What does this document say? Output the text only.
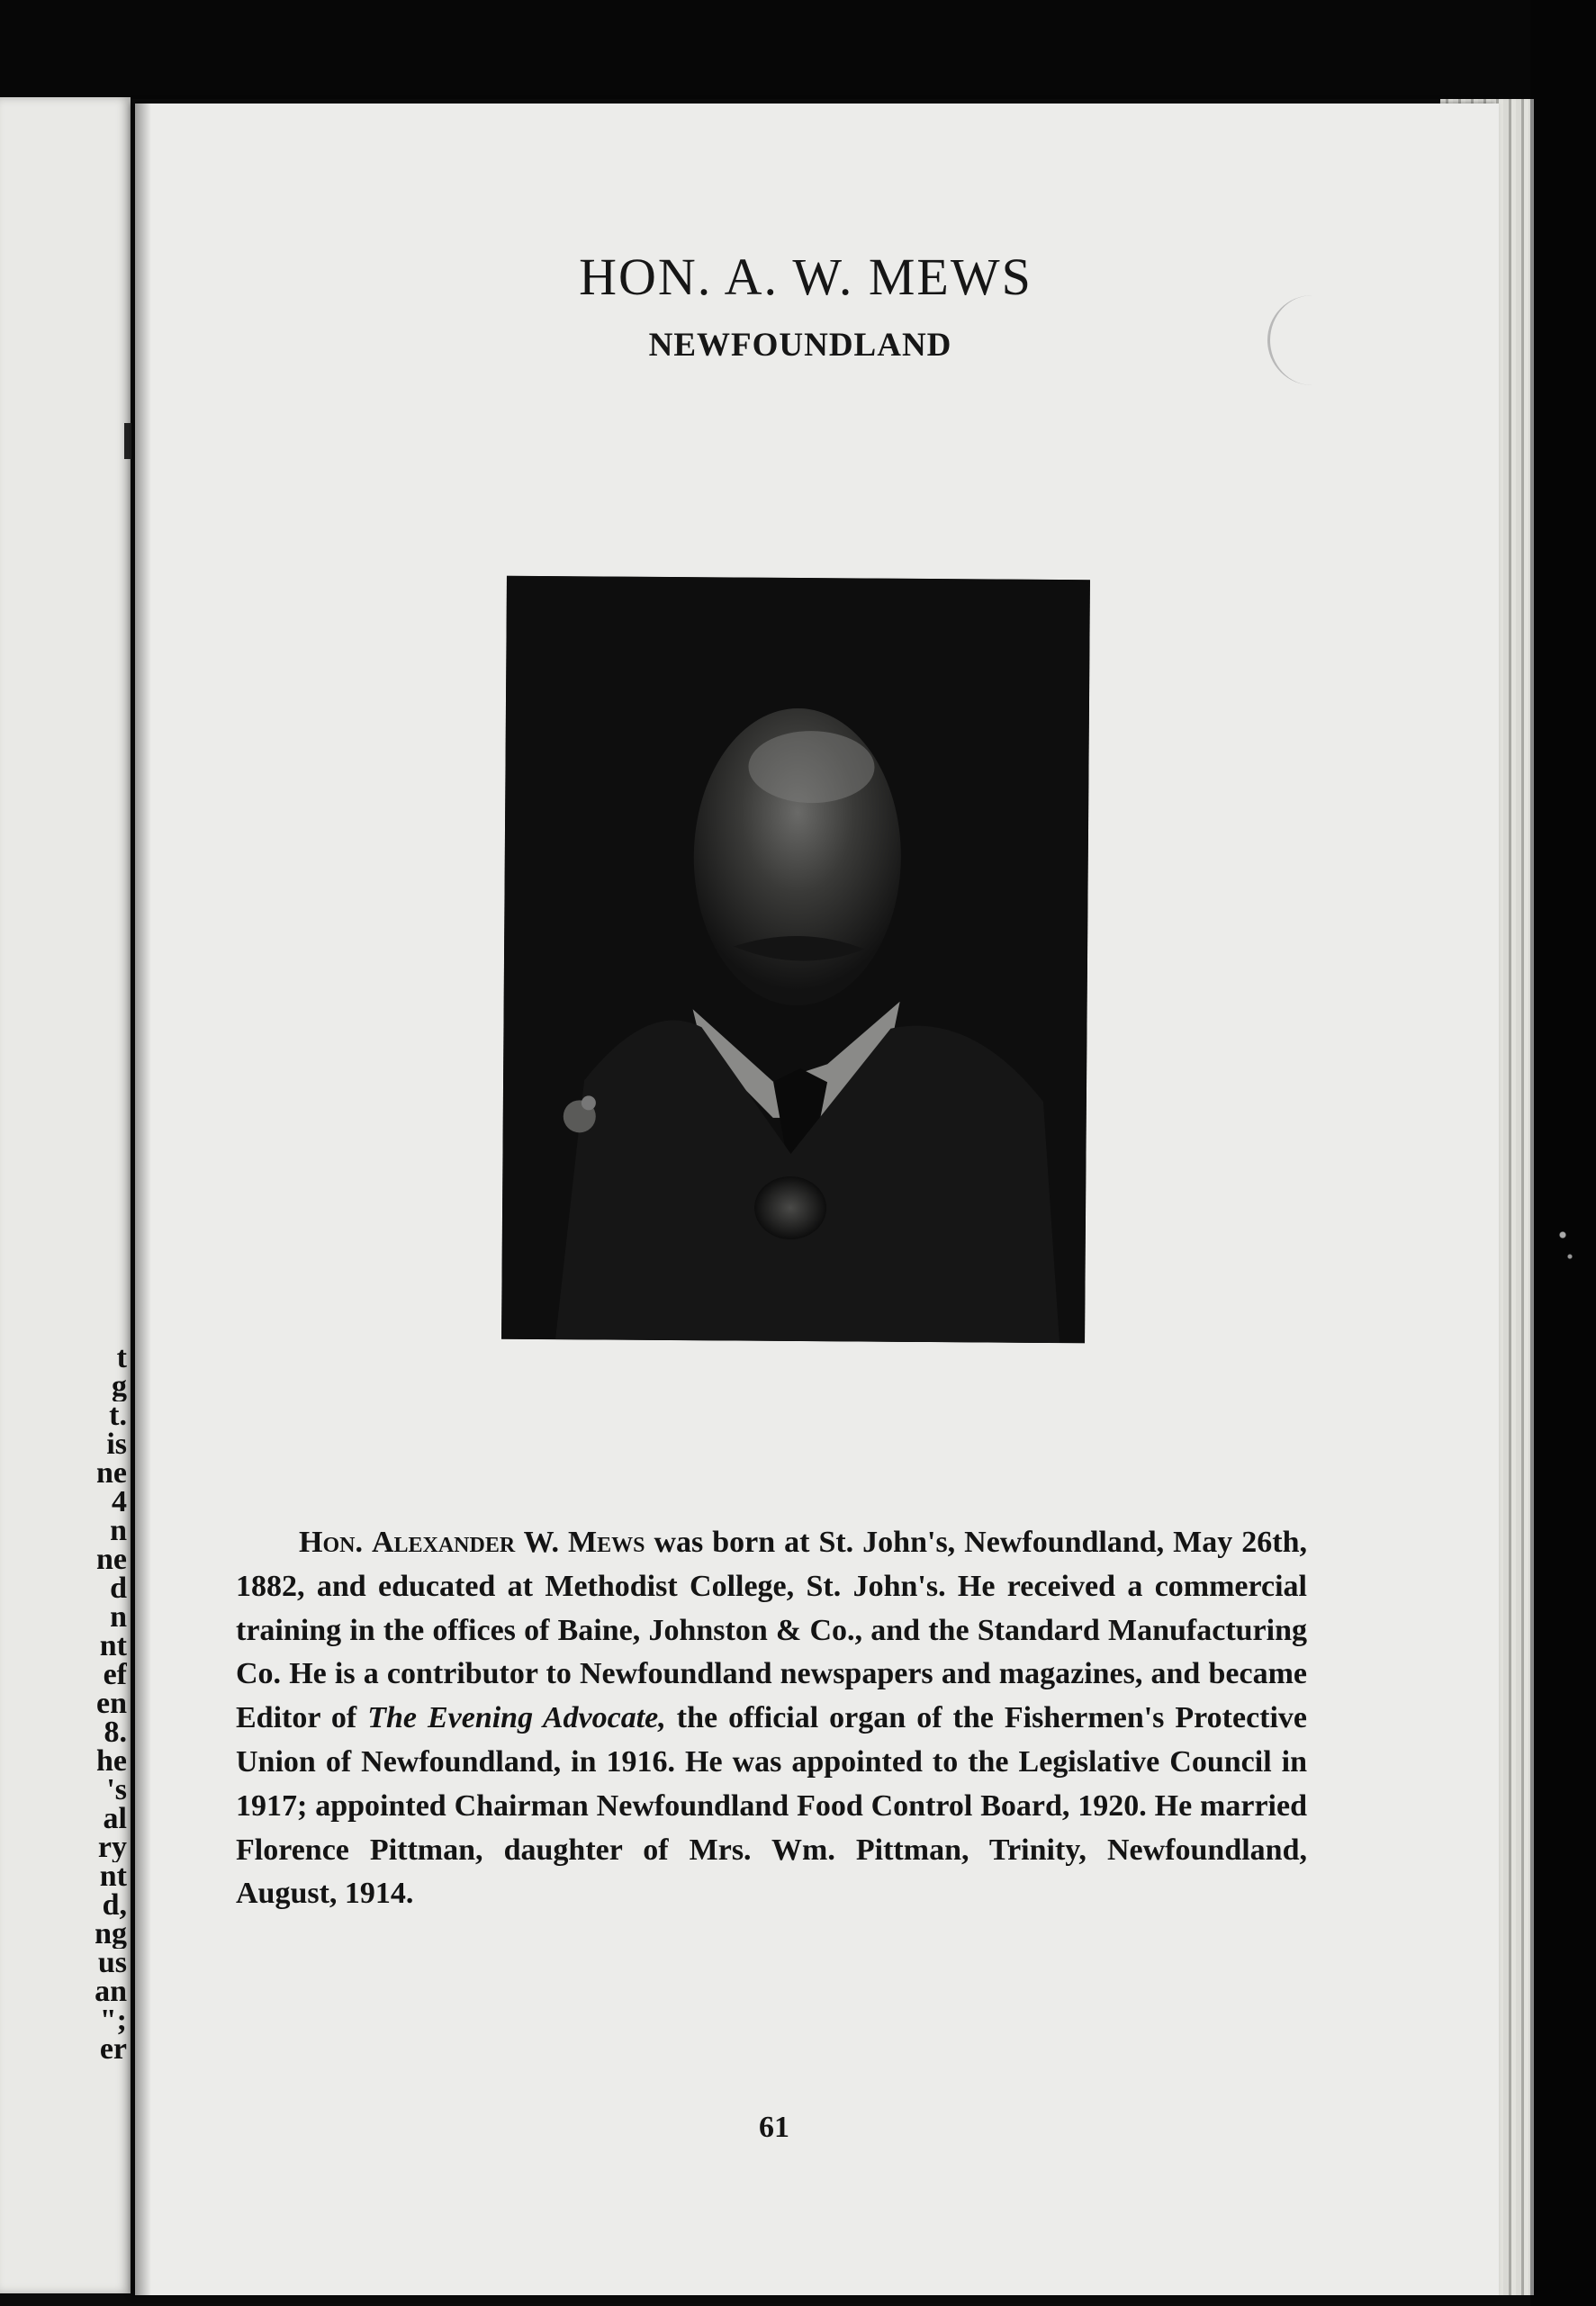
t
g
t.
is
ne
4
n
ne
d
n
nt
ef
en
8.
he
's
al
ry
nt
d,
ng
us
an
";
er
HON. A. W. MEWS
NEWFOUNDLAND
Hon. Alexander W. Mews was born at St. John's, Newfoundland, May 26th, 1882, and educated at Methodist College, St. John's. He received a commercial training in the offices of Baine, Johnston & Co., and the Standard Manufacturing Co. He is a contributor to Newfoundland newspapers and magazines, and became Editor of The Evening Advocate, the official organ of the Fishermen's Protective Union of Newfoundland, in 1916. He was appointed to the Legislative Council in 1917; appointed Chairman Newfoundland Food Control Board, 1920. He married Florence Pittman, daughter of Mrs. Wm. Pittman, Trinity, Newfoundland, August, 1914.
61
